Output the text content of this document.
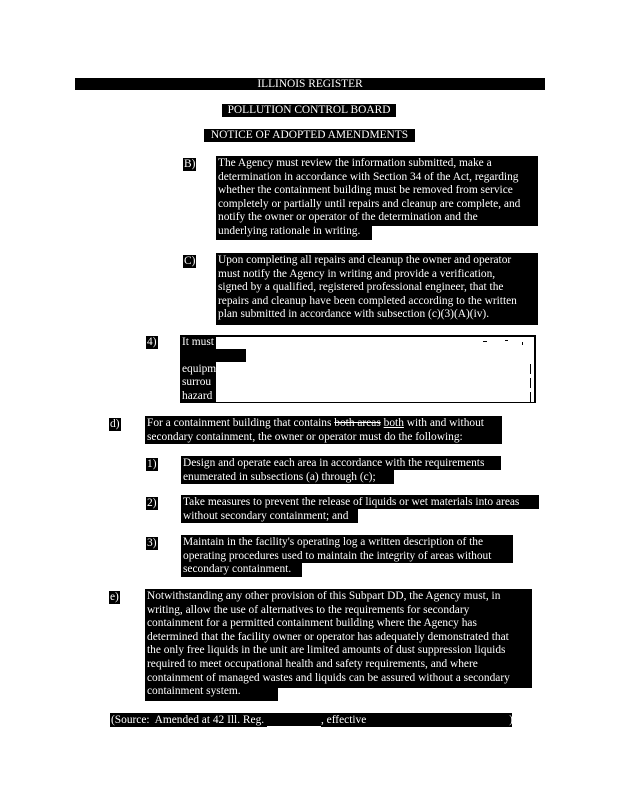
ILLINOIS REGISTER
POLLUTION CONTROL BOARD
NOTICE OF ADOPTED AMENDMENTS
B) The Agency must review the information submitted, make a
determination in accordance with Section 34 of the Act, regarding
whether the containment building must be removed from service
completely or partially until repairs and cleanup are complete, and
notify the owner or operator of the determination and the
underlying rationale in writing.
C) Upon completing all repairs and cleanup the owner and operator
must notify the Agency in writing and provide a verification,
signed by a qualified, registered professional engineer, that the
repairs and cleanup have been completed according to the written
plan submitted in accordance with subsection (c)(3)(A)(iv).
4) It must
equipm
surrou
hazard
d) For a containment building that contains both areas both with and without
secondary containment, the owner or operator must do the following:
1) Design and operate each area in accordance with the requirements
enumerated in subsections (a) through (c);
2) Take measures to prevent the release of liquids or wet materials into areas
without secondary containment; and
3) Maintain in the facility's operating log a written description of the
operating procedures used to maintain the integrity of areas without
secondary containment.
e) Notwithstanding any other provision of this Subpart DD, the Agency must, in
writing, allow the use of alternatives to the requirements for secondary
containment for a permitted containment building where the Agency has
determined that the facility owner or operator has adequately demonstrated that
the only free liquids in the unit are limited amounts of dust suppression liquids
required to meet occupational health and safety requirements, and where
containment of managed wastes and liquids can be assured without a secondary
containment system.
(Source:  Amended at 42 Ill. Reg.	, effective	)
